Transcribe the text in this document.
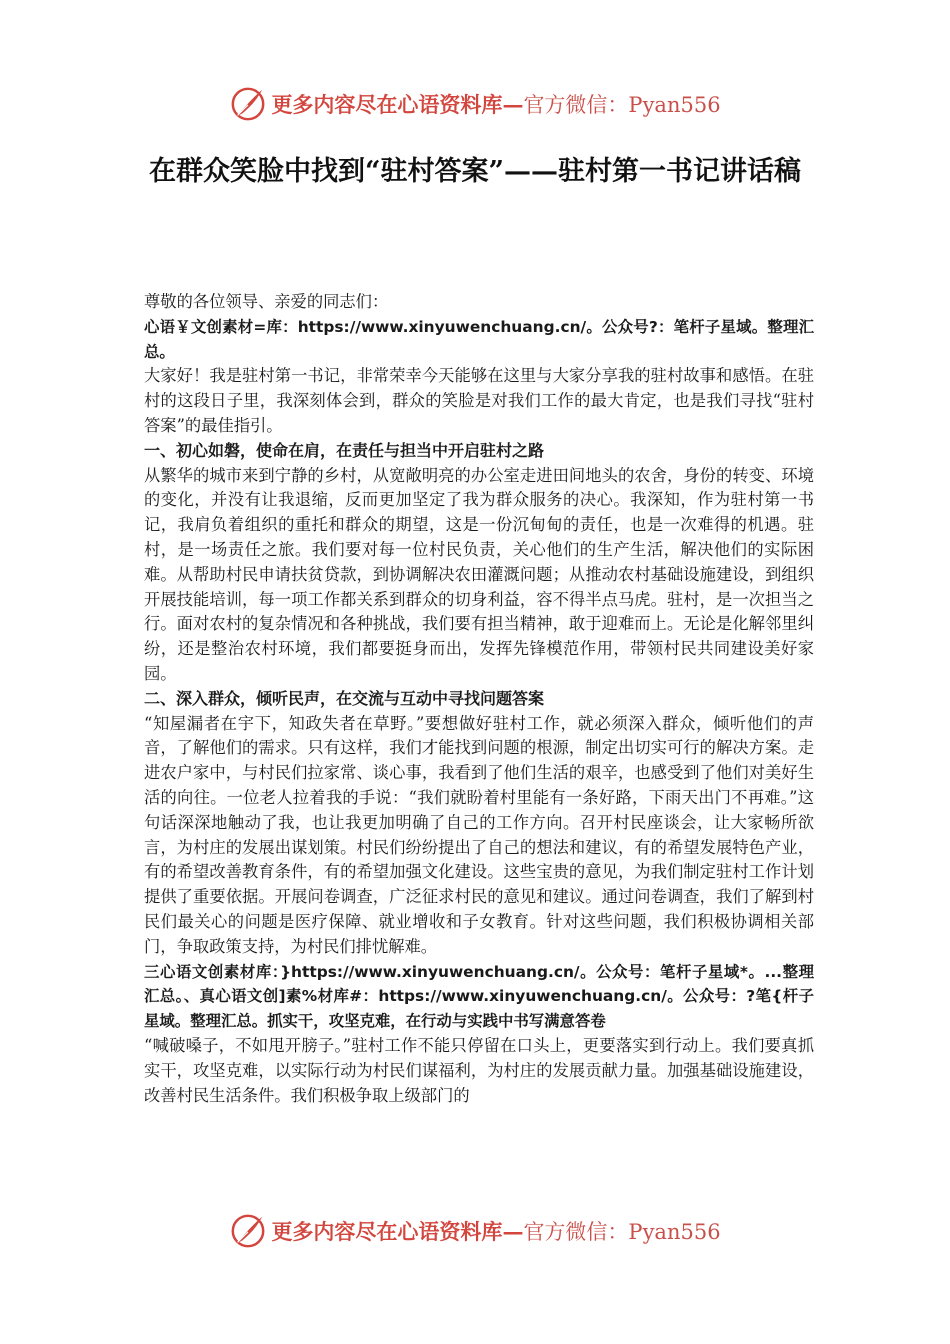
更多内容尽在心语资料库—官方微信：Pyan556
在群众笑脸中找到“驻村答案”——驻村第一书记讲话稿

尊敬的各位领导、亲爱的同志们：

心语￥文创素材=库：https://www.xinyuwenchuang.cn/。公众号?：笔杆子星域。整理汇总。

大家好！我是驻村第一书记，非常荣幸今天能够在这里与大家分享我的驻村故事和感悟。在驻村的这段日子里，我深刻体会到，群众的笑脸是对我们工作的最大肯定，也是我们寻找“驻村答案”的最佳指引。

一、初心如磐，使命在肩，在责任与担当中开启驻村之路

从繁华的城市来到宁静的乡村，从宽敞明亮的办公室走进田间地头的农舍，身份的转变、环境的变化，并没有让我退缩，反而更加坚定了我为群众服务的决心。我深知，作为驻村第一书记，我肩负着组织的重托和群众的期望，这是一份沉甸甸的责任，也是一次难得的机遇。驻村，是一场责任之旅。我们要对每一位村民负责，关心他们的生产生活，解决他们的实际困难。从帮助村民申请扶贫贷款，到协调解决农田灌溉问题；从推动农村基础设施建设，到组织开展技能培训，每一项工作都关系到群众的切身利益，容不得半点马虎。驻村，是一次担当之行。面对农村的复杂情况和各种挑战，我们要有担当精神，敢于迎难而上。无论是化解邻里纠纷，还是整治农村环境，我们都要挺身而出，发挥先锋模范作用，带领村民共同建设美好家园。

二、深入群众，倾听民声，在交流与互动中寻找问题答案

“知屋漏者在宇下，知政失者在草野。”要想做好驻村工作，就必须深入群众，倾听他们的声音，了解他们的需求。只有这样，我们才能找到问题的根源，制定出切实可行的解决方案。走进农户家中，与村民们拉家常、谈心事，我看到了他们生活的艰辛，也感受到了他们对美好生活的向往。一位老人拉着我的手说：“我们就盼着村里能有一条好路，下雨天出门不再难。”这句话深深地触动了我，也让我更加明确了自己的工作方向。召开村民座谈会，让大家畅所欲言，为村庄的发展出谋划策。村民们纷纷提出了自己的想法和建议，有的希望发展特色产业，有的希望改善教育条件，有的希望加强文化建设。这些宝贵的意见，为我们制定驻村工作计划提供了重要依据。开展问卷调查，广泛征求村民的意见和建议。通过问卷调查，我们了解到村民们最关心的问题是医疗保障、就业增收和子女教育。针对这些问题，我们积极协调相关部门，争取政策支持，为村民们排忧解难。

三心语文创素材库：}https://www.xinyuwenchuang.cn/。公众号：笔杆子星域*。...整理汇总。、真心语文创]素%材库#：https://www.xinyuwenchuang.cn/。公众号：?笔{杆子星域。整理汇总。抓实干，攻坚克难，在行动与实践中书写满意答卷

“喊破嗓子，不如甩开膀子。”驻村工作不能只停留在口头上，更要落实到行动上。我们要真抓实干，攻坚克难，以实际行动为村民们谋福利，为村庄的发展贡献力量。加强基础设施建设，改善村民生活条件。我们积极争取上级部门的

更多内容尽在心语资料库—官方微信：Pyan556
